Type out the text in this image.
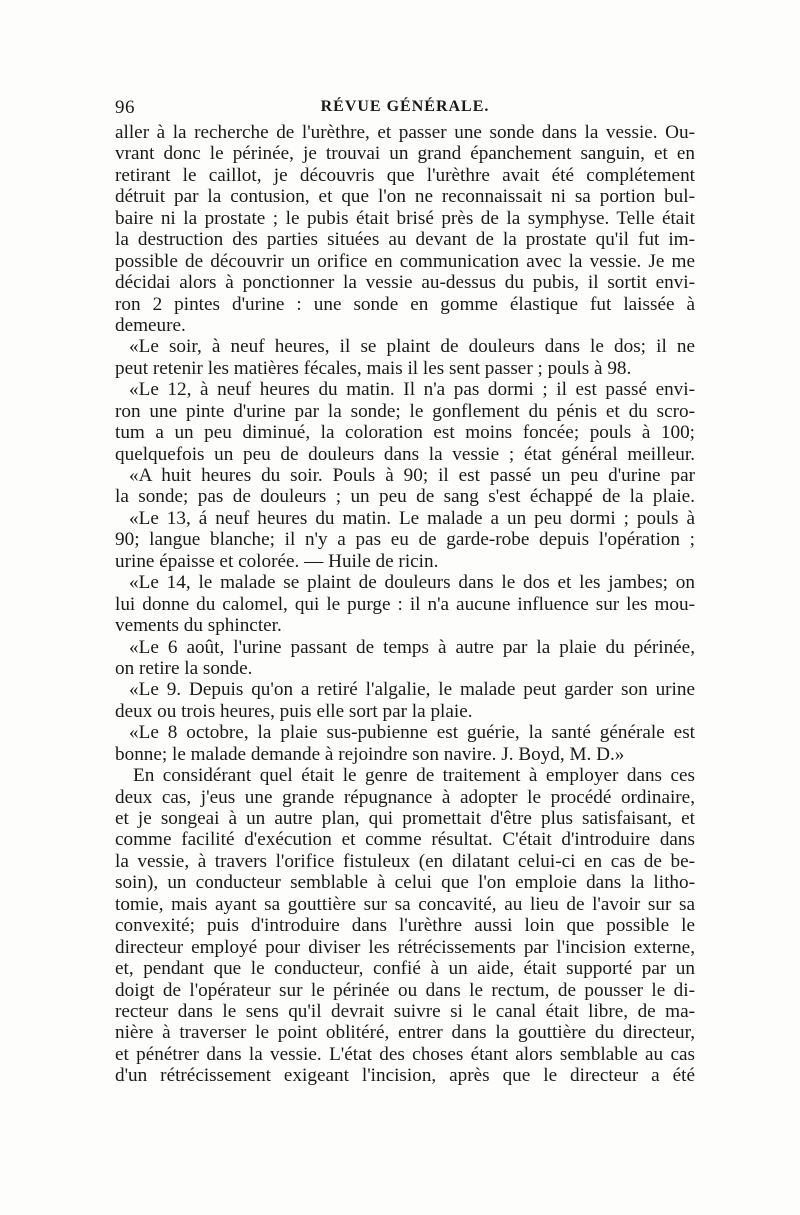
96	RÉVUE GÉNÉRALE.
aller à la recherche de l'urèthre, et passer une sonde dans la vessie. Ou-
vrant donc le périnée, je trouvai un grand épanchement sanguin, et en
retirant le caillot, je découvris que l'urèthre avait été complétement
détruit par la contusion, et que l'on ne reconnaissait ni sa portion bul-
baire ni la prostate ; le pubis était brisé près de la symphyse. Telle était
la destruction des parties situées au devant de la prostate qu'il fut im-
possible de découvrir un orifice en communication avec la vessie. Je me
décidai alors à ponctionner la vessie au-dessus du pubis, il sortit envi-
ron 2 pintes d'urine : une sonde en gomme élastique fut laissée à
demeure.
«Le soir, à neuf heures, il se plaint de douleurs dans le dos; il ne
peut retenir les matières fécales, mais il les sent passer ; pouls à 98.
«Le 12, à neuf heures du matin. Il n'a pas dormi ; il est passé envi-
ron une pinte d'urine par la sonde; le gonflement du pénis et du scro-
tum a un peu diminué, la coloration est moins foncée; pouls à 100;
quelquefois un peu de douleurs dans la vessie ; état général meilleur.
«A huit heures du soir. Pouls à 90; il est passé un peu d'urine par
la sonde; pas de douleurs ; un peu de sang s'est échappé de la plaie.
«Le 13, á neuf heures du matin. Le malade a un peu dormi ; pouls à
90; langue blanche; il n'y a pas eu de garde-robe depuis l'opération ;
urine épaisse et colorée. — Huile de ricin.
«Le 14, le malade se plaint de douleurs dans le dos et les jambes; on
lui donne du calomel, qui le purge : il n'a aucune influence sur les mou-
vements du sphincter.
«Le 6 août, l'urine passant de temps à autre par la plaie du périnée,
on retire la sonde.
«Le 9. Depuis qu'on a retiré l'algalie, le malade peut garder son urine
deux ou trois heures, puis elle sort par la plaie.
«Le 8 octobre, la plaie sus-pubienne est guérie, la santé générale est
bonne; le malade demande à rejoindre son navire. J. Boyd, M. D.»
En considérant quel était le genre de traitement à employer dans ces
deux cas, j'eus une grande répugnance à adopter le procédé ordinaire,
et je songeai à un autre plan, qui promettait d'être plus satisfaisant, et
comme facilité d'exécution et comme résultat. C'était d'introduire dans
la vessie, à travers l'orifice fistuleux (en dilatant celui-ci en cas de be-
soin), un conducteur semblable à celui que l'on emploie dans la litho-
tomie, mais ayant sa gouttière sur sa concavité, au lieu de l'avoir sur sa
convexité; puis d'introduire dans l'urèthre aussi loin que possible le
directeur employé pour diviser les rétrécissements par l'incision externe,
et, pendant que le conducteur, confié à un aide, était supporté par un
doigt de l'opérateur sur le périnée ou dans le rectum, de pousser le di-
recteur dans le sens qu'il devrait suivre si le canal était libre, de ma-
nière à traverser le point oblitéré, entrer dans la gouttière du directeur,
et pénétrer dans la vessie. L'état des choses étant alors semblable au cas
d'un rétrécissement exigeant l'incision, après que le directeur a été
